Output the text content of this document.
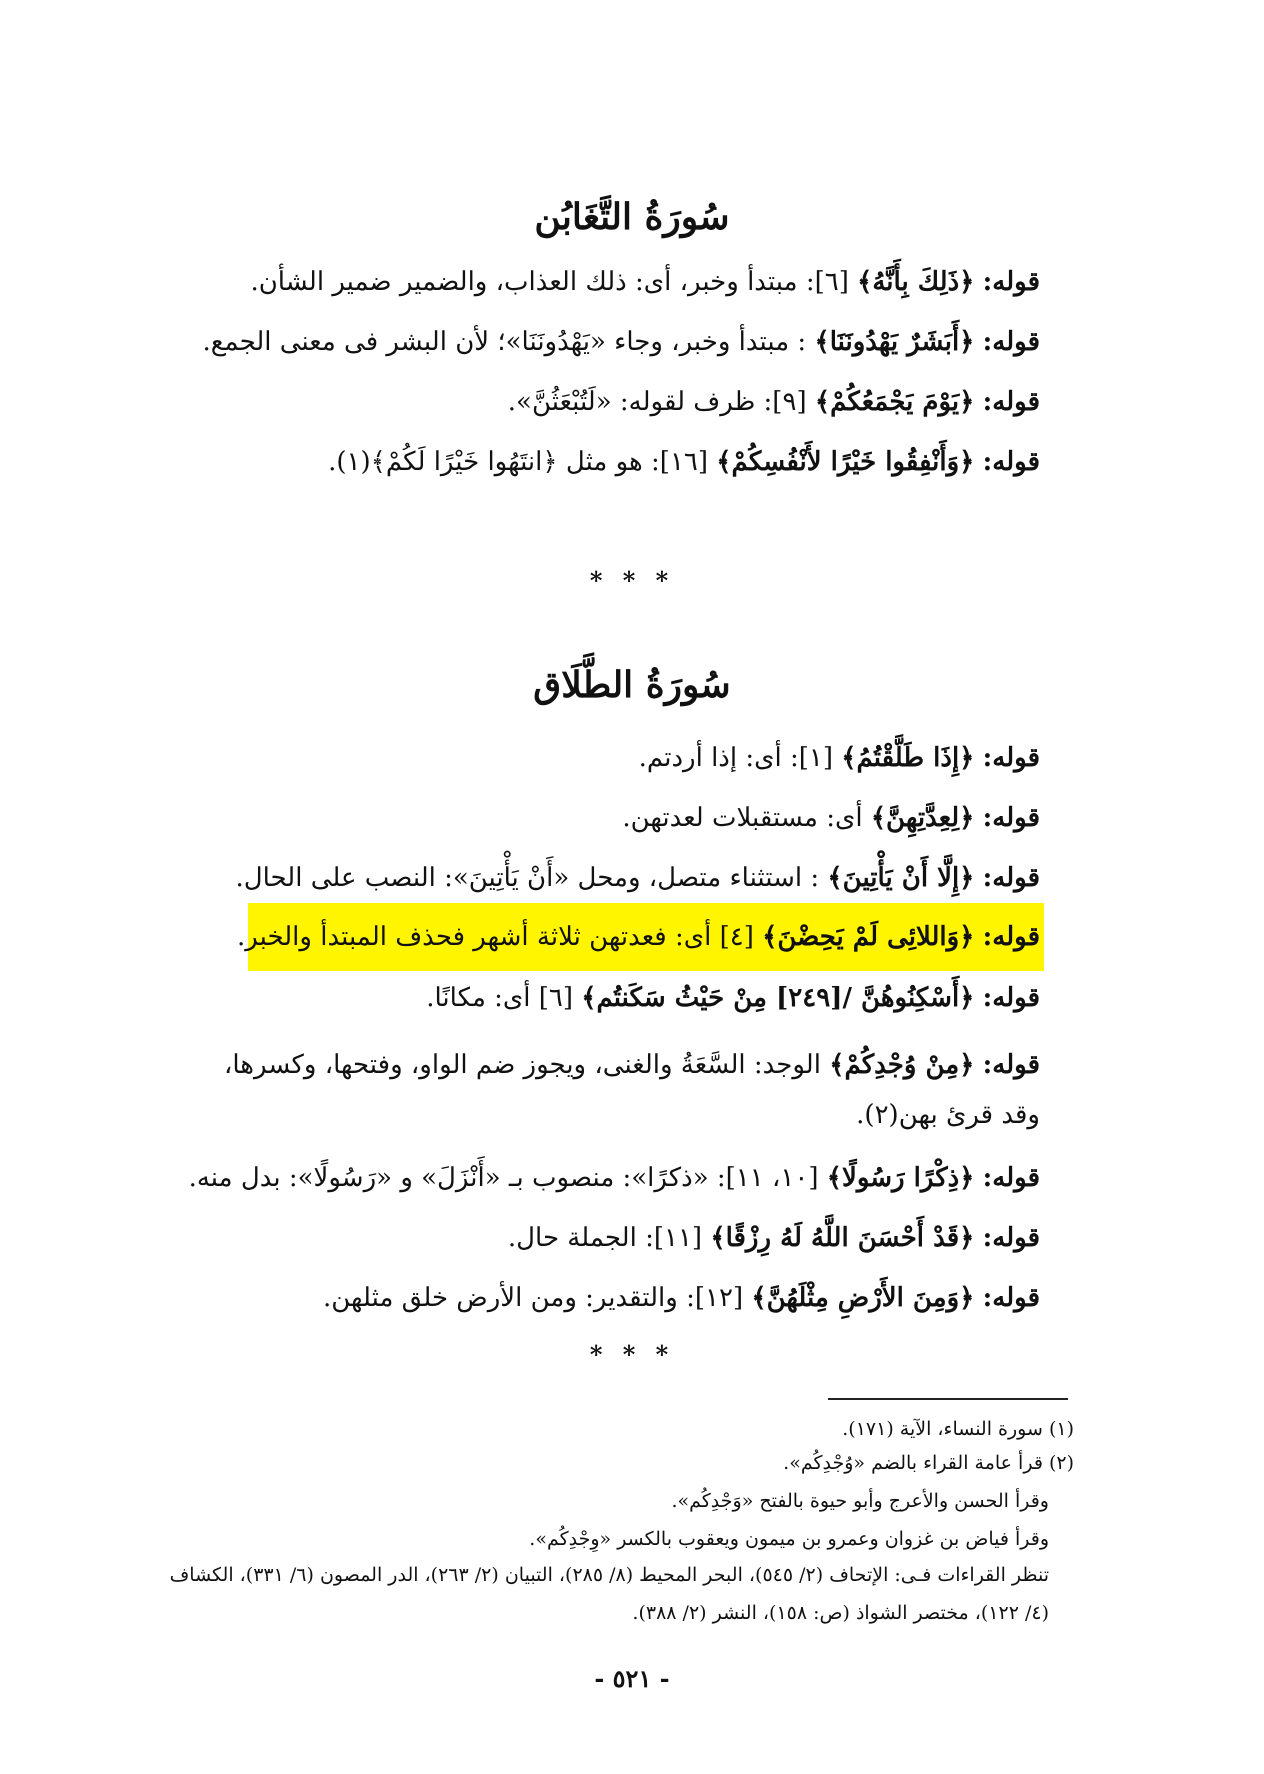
سُورَةُ التَّغَابُن
قوله: ﴿ذَلِكَ بِأَنَّهُ﴾ [٦]: مبتدأ وخبر، أى: ذلك العذاب، والضمير ضمير الشأن.
قوله: ﴿أَبَشَرٌ يَهْدُونَنَا﴾ : مبتدأ وخبر، وجاء «يَهْدُونَنَا»؛ لأن البشر فى معنى الجمع.
قوله: ﴿يَوْمَ يَجْمَعُكُمْ﴾ [٩]: ظرف لقوله: «لَتُبْعَثُنَّ».
قوله: ﴿وَأَنْفِقُوا خَيْرًا لأَنْفُسِكُمْ﴾ [١٦]: هو مثل ﴿انتَهُوا خَيْرًا لَكُمْ﴾(١).
* * *
سُورَةُ الطَّلَاق
قوله: ﴿إِذَا طَلَّقْتُمُ﴾ [١]: أى: إذا أردتم.
قوله: ﴿لِعِدَّتِهِنَّ﴾ أى: مستقبلات لعدتهن.
قوله: ﴿إِلَّا أَنْ يَأْتِينَ﴾ : استثناء متصل، ومحل «أَنْ يَأْتِينَ»: النصب على الحال.
قوله: ﴿وَاللائِى لَمْ يَحِضْنَ﴾ [٤] أى: فعدتهن ثلاثة أشهر فحذف المبتدأ والخبر.
قوله: ﴿أَسْكِنُوهُنَّ /[٢٤٩] مِنْ حَيْثُ سَكَنتُم﴾ [٦] أى: مكانًا.
قوله: ﴿مِنْ وُجْدِكُمْ﴾ الوجد: السَّعَةُ والغنى، ويجوز ضم الواو، وفتحها، وكسرها، وقد قرئ بهن(٢).
قوله: ﴿ذِكْرًا رَسُولًا﴾ [١٠، ١١]: «ذكرًا»: منصوب بـ «أَنْزَلَ» و «رَسُولًا»: بدل منه.
قوله: ﴿قَدْ أَحْسَنَ اللَّهُ لَهُ رِزْقًا﴾ [١١]: الجملة حال.
قوله: ﴿وَمِنَ الأَرْضِ مِثْلَهُنَّ﴾ [١٢]: والتقدير: ومن الأرض خلق مثلهن.
* * *
(١) سورة النساء، الآية (١٧١).
(٢) قرأ عامة القراء بالضم «وُجْدِكُم».
وقرأ الحسن والأعرج وأبو حيوة بالفتح «وَجْدِكُم».
وقرأ فياض بن غزوان وعمرو بن ميمون ويعقوب بالكسر «وِجْدِكُم».
تنظر القراءات فـى: الإتحاف (٢/ ٥٤٥)، البحر المحيط (٨/ ٢٨٥)، التبيان (٢/ ٢٦٣)، الدر المصون (٦/ ٣٣١)، الكشاف
(٤/ ١٢٢)، مختصر الشواذ (ص: ١٥٨)، النشر (٢/ ٣٨٨).
- ٥٢١ -
